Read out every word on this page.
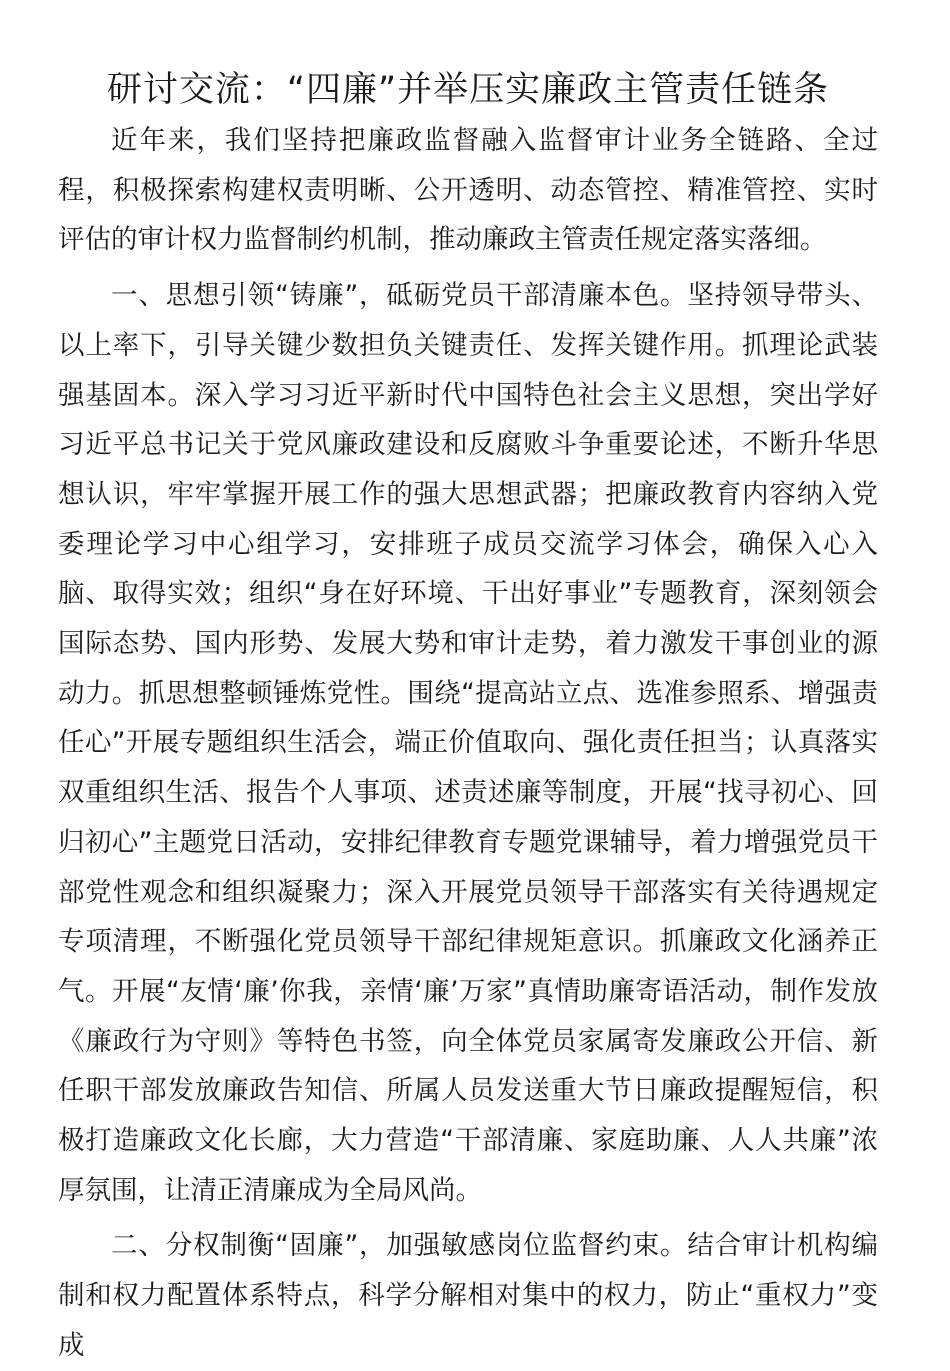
研讨交流：“四廉”并举压实廉政主管责任链条

近年来，我们坚持把廉政监督融入监督审计业务全链路、全过程，积极探索构建权责明晰、公开透明、动态管控、精准管控、实时评估的审计权力监督制约机制，推动廉政主管责任规定落实落细。

一、思想引领“铸廉”，砥砺党员干部清廉本色。坚持领导带头、以上率下，引导关键少数担负关键责任、发挥关键作用。抓理论武装强基固本。深入学习习近平新时代中国特色社会主义思想，突出学好习近平总书记关于党风廉政建设和反腐败斗争重要论述，不断升华思想认识，牢牢掌握开展工作的强大思想武器；把廉政教育内容纳入党委理论学习中心组学习，安排班子成员交流学习体会，确保入心入脑、取得实效；组织“身在好环境、干出好事业”专题教育，深刻领会国际态势、国内形势、发展大势和审计走势，着力激发干事创业的源动力。抓思想整顿锤炼党性。围绕“提高站立点、选准参照系、增强责任心”开展专题组织生活会，端正价值取向、强化责任担当；认真落实双重组织生活、报告个人事项、述责述廉等制度，开展“找寻初心、回归初心”主题党日活动，安排纪律教育专题党课辅导，着力增强党员干部党性观念和组织凝聚力；深入开展党员领导干部落实有关待遇规定专项清理，不断强化党员领导干部纪律规矩意识。抓廉政文化涵养正气。开展“友情‘廉’你我，亲情‘廉’万家”真情助廉寄语活动，制作发放《廉政行为守则》等特色书签，向全体党员家属寄发廉政公开信、新任职干部发放廉政告知信、所属人员发送重大节日廉政提醒短信，积极打造廉政文化长廊，大力营造“干部清廉、家庭助廉、人人共廉”浓厚氛围，让清正清廉成为全局风尚。

二、分权制衡“固廉”，加强敏感岗位监督约束。结合审计机构编制和权力配置体系特点，科学分解相对集中的权力，防止“重权力”变成
